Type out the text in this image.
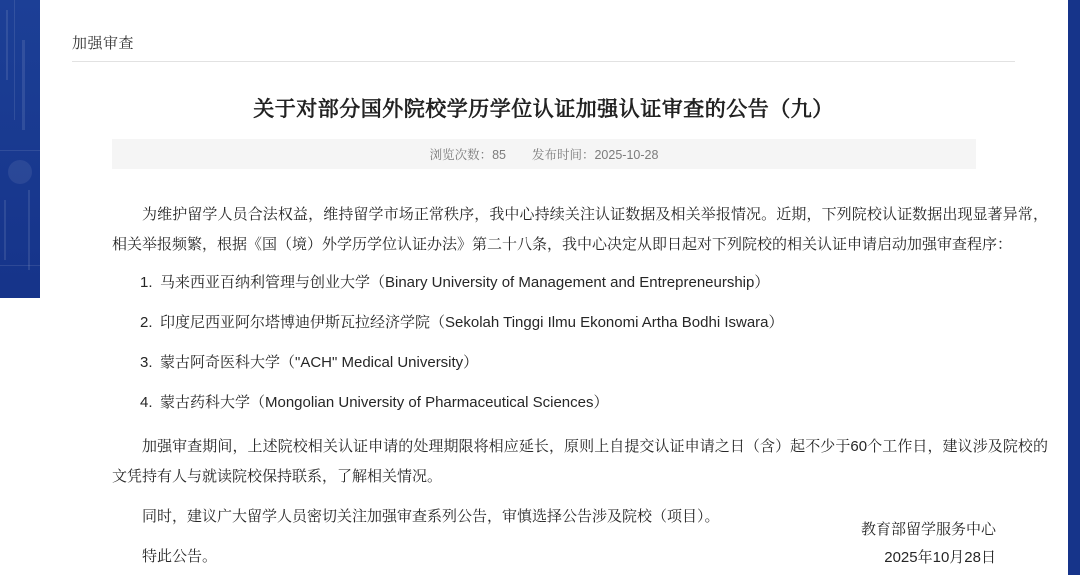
加强审查
关于对部分国外院校学历学位认证加强认证审查的公告（九）
浏览次数：85 发布时间：2025-10-28

为维护留学人员合法权益，维持留学市场正常秩序，我中心持续关注认证数据及相关举报情况。近期，下列院校认证数据出现显著异常，相关举报频繁，根据《国（境）外学历学位认证办法》第二十八条，我中心决定从即日起对下列院校的相关认证申请启动加强审查程序：

马来西亚百纳利管理与创业大学（Binary University of Management and Entrepreneurship）
印度尼西亚阿尔塔博迪伊斯瓦拉经济学院（Sekolah Tinggi Ilmu Ekonomi Artha Bodhi Iswara）
蒙古阿奇医科大学（"ACH" Medical University）
蒙古药科大学（Mongolian University of Pharmaceutical Sciences）

加强审查期间，上述院校相关认证申请的处理期限将相应延长，原则上自提交认证申请之日（含）起不少于60个工作日，建议涉及院校的文凭持有人与就读院校保持联系，了解相关情况。

同时，建议广大留学人员密切关注加强审查系列公告，审慎选择公告涉及院校（项目）。

特此公告。

教育部留学服务中心
2025年10月28日
